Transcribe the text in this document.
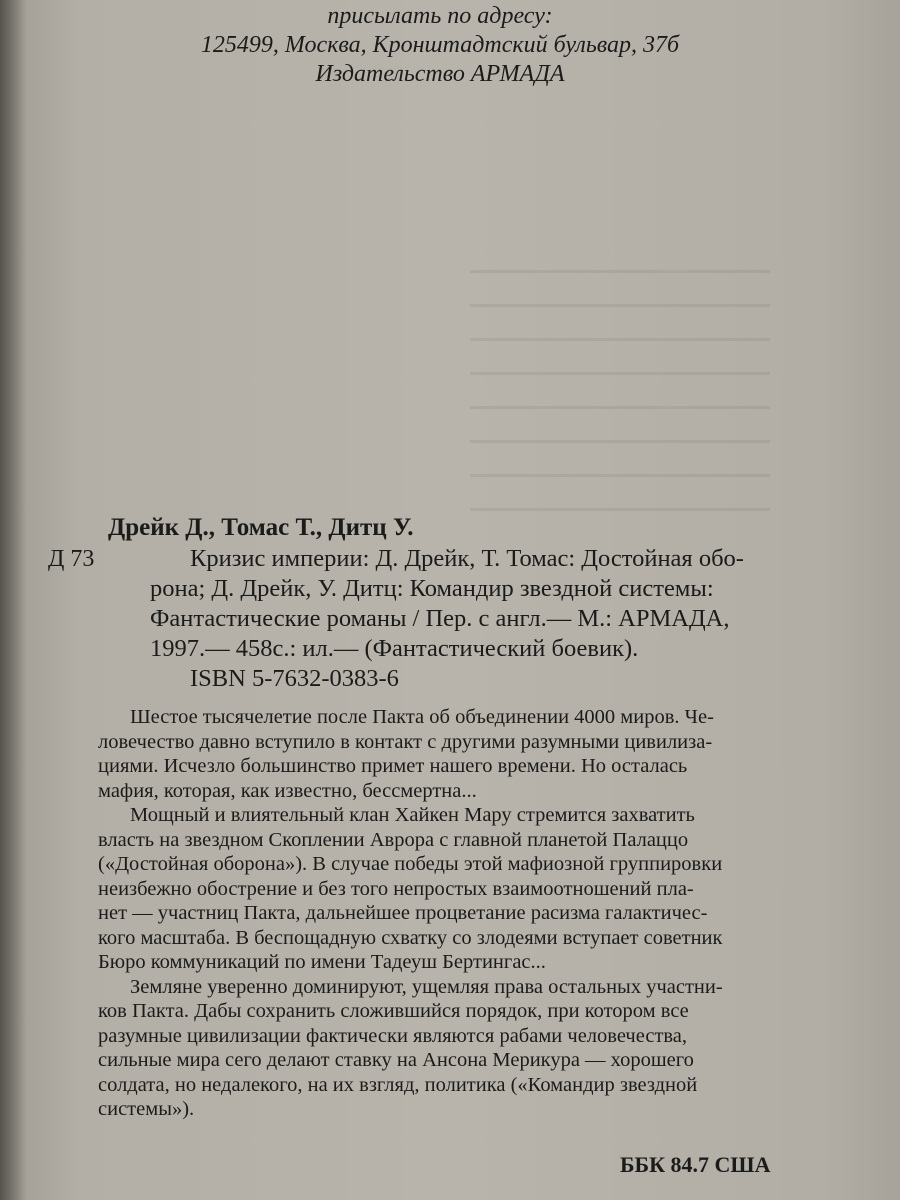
присылать по адресу:
125499, Москва, Кронштадтский бульвар, 37б
Издательство АРМАДА
Дрейк Д., Томас Т., Дитц У.
Д 73	Кризис империи: Д. Дрейк, Т. Томас: Достойная обо-
рона; Д. Дрейк, У. Дитц: Командир звездной системы:
Фантастические романы / Пер. с англ.— М.: АРМАДА,
1997.— 458с.: ил.— (Фантастический боевик).
ISBN 5-7632-0383-6
Шестое тысячелетие после Пакта об объединении 4000 миров. Че-
ловечество давно вступило в контакт с другими разумными цивилиза-
циями. Исчезло большинство примет нашего времени. Но осталась
мафия, которая, как известно, бессмертна...
Мощный и влиятельный клан Хайкен Мару стремится захватить
власть на звездном Скоплении Аврора с главной планетой Палаццо
(«Достойная оборона»). В случае победы этой мафиозной группировки
неизбежно обострение и без того непростых взаимоотношений пла-
нет — участниц Пакта, дальнейшее процветание расизма галактичес-
кого масштаба. В беспощадную схватку со злодеями вступает советник
Бюро коммуникаций по имени Тадеуш Бертингас...
Земляне уверенно доминируют, ущемляя права остальных участни-
ков Пакта. Дабы сохранить сложившийся порядок, при котором все
разумные цивилизации фактически являются рабами человечества,
сильные мира сего делают ставку на Ансона Мерикура — хорошего
солдата, но недалекого, на их взгляд, политика («Командир звездной
системы»).
ББК 84.7 США
